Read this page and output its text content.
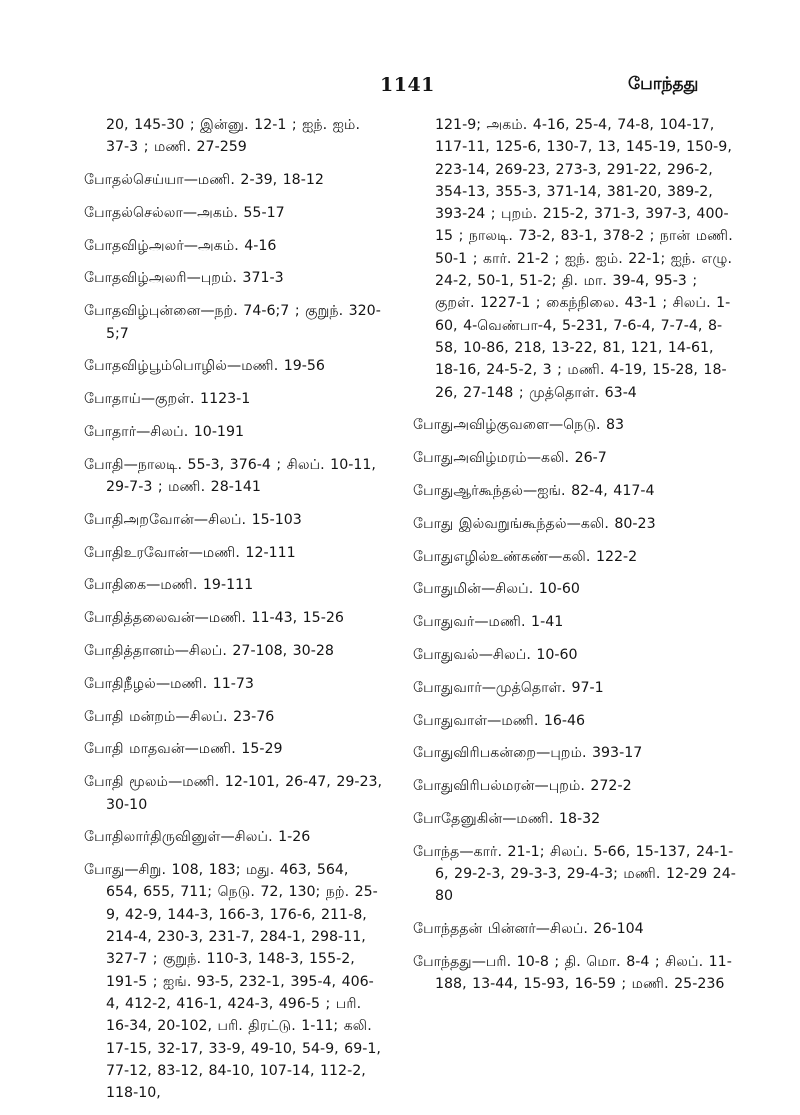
1141	போந்தது
20, 145-30 ; இன்னு. 12-1 ; ஐந். ஐம். 37-3 ; மணி. 27-259
போதல்செய்யா—மணி. 2-39, 18-12
போதல்செல்லா—அகம். 55-17
போதவிழ்அலர்—அகம். 4-16
போதவிழ்அலரி—புறம். 371-3
போதவிழ்புன்னை—நற். 74-6;7 ; குறுந். 320-5;7
போதவிழ்பூம்பொழில்—மணி. 19-56
போதாய்—குறள். 1123-1
போதார்—சிலப். 10-191
போதி—நாலடி. 55-3, 376-4 ; சிலப். 10-11, 29-7-3 ; மணி. 28-141
போதிஅறவோன்—சிலப். 15-103
போதிஉரவோன்—மணி. 12-111
போதிகை—மணி. 19-111
போதித்தலைவன்—மணி. 11-43, 15-26
போதித்தானம்—சிலப். 27-108, 30-28
போதிநீழல்—மணி. 11-73
போதி மன்றம்—சிலப். 23-76
போதி மாதவன்—மணி. 15-29
போதி மூலம்—மணி. 12-101, 26-47, 29-23, 30-10
போதிலார்திருவினுள்—சிலப். 1-26
போது—சிறு. 108, 183; மது. 463, 564, 654, 655, 711; நெடு. 72, 130; நற். 25-9, 42-9, 144-3, 166-3, 176-6, 211-8, 214-4, 230-3, 231-7, 284-1, 298-11, 327-7 ; குறுந். 110-3, 148-3, 155-2, 191-5 ; ஐங். 93-5, 232-1, 395-4, 406-4, 412-2, 416-1, 424-3, 496-5 ; பரி. 16-34, 20-102, பரி. திரட்டு. 1-11; கலி. 17-15, 32-17, 33-9, 49-10, 54-9, 69-1, 77-12, 83-12, 84-10, 107-14, 112-2, 118-10,
121-9; அகம். 4-16, 25-4, 74-8, 104-17, 117-11, 125-6, 130-7, 13, 145-19, 150-9, 223-14, 269-23, 273-3, 291-22, 296-2, 354-13, 355-3, 371-14, 381-20, 389-2, 393-24 ; புறம். 215-2, 371-3, 397-3, 400-15 ; நாலடி. 73-2, 83-1, 378-2 ; நான் மணி. 50-1 ; கார். 21-2 ; ஐந். ஐம். 22-1; ஐந். எழு. 24-2, 50-1, 51-2; தி. மா. 39-4, 95-3 ; குறள். 1227-1 ; கைந்நிலை. 43-1 ; சிலப். 1-60, 4-வெண்பா-4, 5-231, 7-6-4, 7-7-4, 8-58, 10-86, 218, 13-22, 81, 121, 14-61, 18-16, 24-5-2, 3 ; மணி. 4-19, 15-28, 18-26, 27-148 ; முத்தொள். 63-4
போதுஅவிழ்குவளை—நெடு. 83
போதுஅவிழ்மரம்—கலி. 26-7
போதுஆர்கூந்தல்—ஐங். 82-4, 417-4
போது இல்வறுங்கூந்தல்—கலி. 80-23
போதுஎழில்உண்கண்—கலி. 122-2
போதுமின்—சிலப். 10-60
போதுவர்—மணி. 1-41
போதுவல்—சிலப். 10-60
போதுவார்—முத்தொள். 97-1
போதுவாள்—மணி. 16-46
போதுவிரிபகன்றை—புறம். 393-17
போதுவிரிபல்மரன்—புறம். 272-2
போதேனுகின்—மணி. 18-32
போந்த—கார். 21-1; சிலப். 5-66, 15-137, 24-1-6, 29-2-3, 29-3-3, 29-4-3; மணி. 12-29 24-80
போந்ததன் பின்னர்—சிலப். 26-104
போந்தது—பரி. 10-8 ; தி. மொ. 8-4 ; சிலப். 11-188, 13-44, 15-93, 16-59 ; மணி. 25-236
